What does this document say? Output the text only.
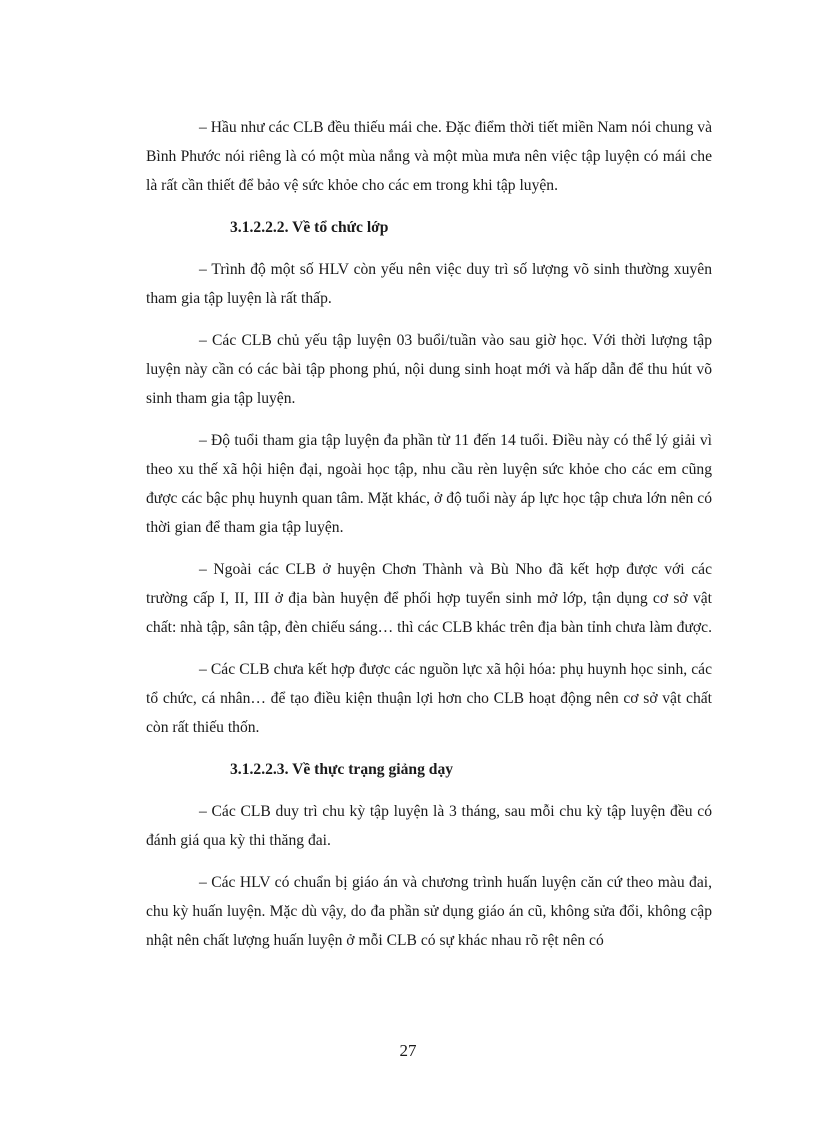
– Hầu như các CLB đều thiếu mái che. Đặc điểm thời tiết miền Nam nói chung và Bình Phước nói riêng là có một mùa nắng và một mùa mưa nên việc tập luyện có mái che là rất cần thiết để bảo vệ sức khỏe cho các em trong khi tập luyện.

3.1.2.2.2. Về tổ chức lớp

– Trình độ một số HLV còn yếu nên việc duy trì số lượng võ sinh thường xuyên tham gia tập luyện là rất thấp.

– Các CLB chủ yếu tập luyện 03 buổi/tuần vào sau giờ học. Với thời lượng tập luyện này cần có các bài tập phong phú, nội dung sinh hoạt mới và hấp dẫn để thu hút võ sinh tham gia tập luyện.

– Độ tuổi tham gia tập luyện đa phần từ 11 đến 14 tuổi. Điều này có thể lý giải vì theo xu thế xã hội hiện đại, ngoài học tập, nhu cầu rèn luyện sức khỏe cho các em cũng được các bậc phụ huynh quan tâm. Mặt khác, ở độ tuổi này áp lực học tập chưa lớn nên có thời gian để tham gia tập luyện.

– Ngoài các CLB ở huyện Chơn Thành và Bù Nho đã kết hợp được với các trường cấp I, II, III ở địa bàn huyện để phối hợp tuyển sinh mở lớp, tận dụng cơ sở vật chất: nhà tập, sân tập, đèn chiếu sáng… thì các CLB khác trên địa bàn tỉnh chưa làm được.

– Các CLB chưa kết hợp được các nguồn lực xã hội hóa: phụ huynh học sinh, các tổ chức, cá nhân… để tạo điều kiện thuận lợi hơn cho CLB hoạt động nên cơ sở vật chất còn rất thiếu thốn.

3.1.2.2.3. Về thực trạng giảng dạy

– Các CLB duy trì chu kỳ tập luyện là 3 tháng, sau mỗi chu kỳ tập luyện đều có đánh giá qua kỳ thi thăng đai.

– Các HLV có chuẩn bị giáo án và chương trình huấn luyện căn cứ theo màu đai, chu kỳ huấn luyện. Mặc dù vậy, do đa phần sử dụng giáo án cũ, không sửa đổi, không cập nhật nên chất lượng huấn luyện ở mỗi CLB có sự khác nhau rõ rệt nên có

27
